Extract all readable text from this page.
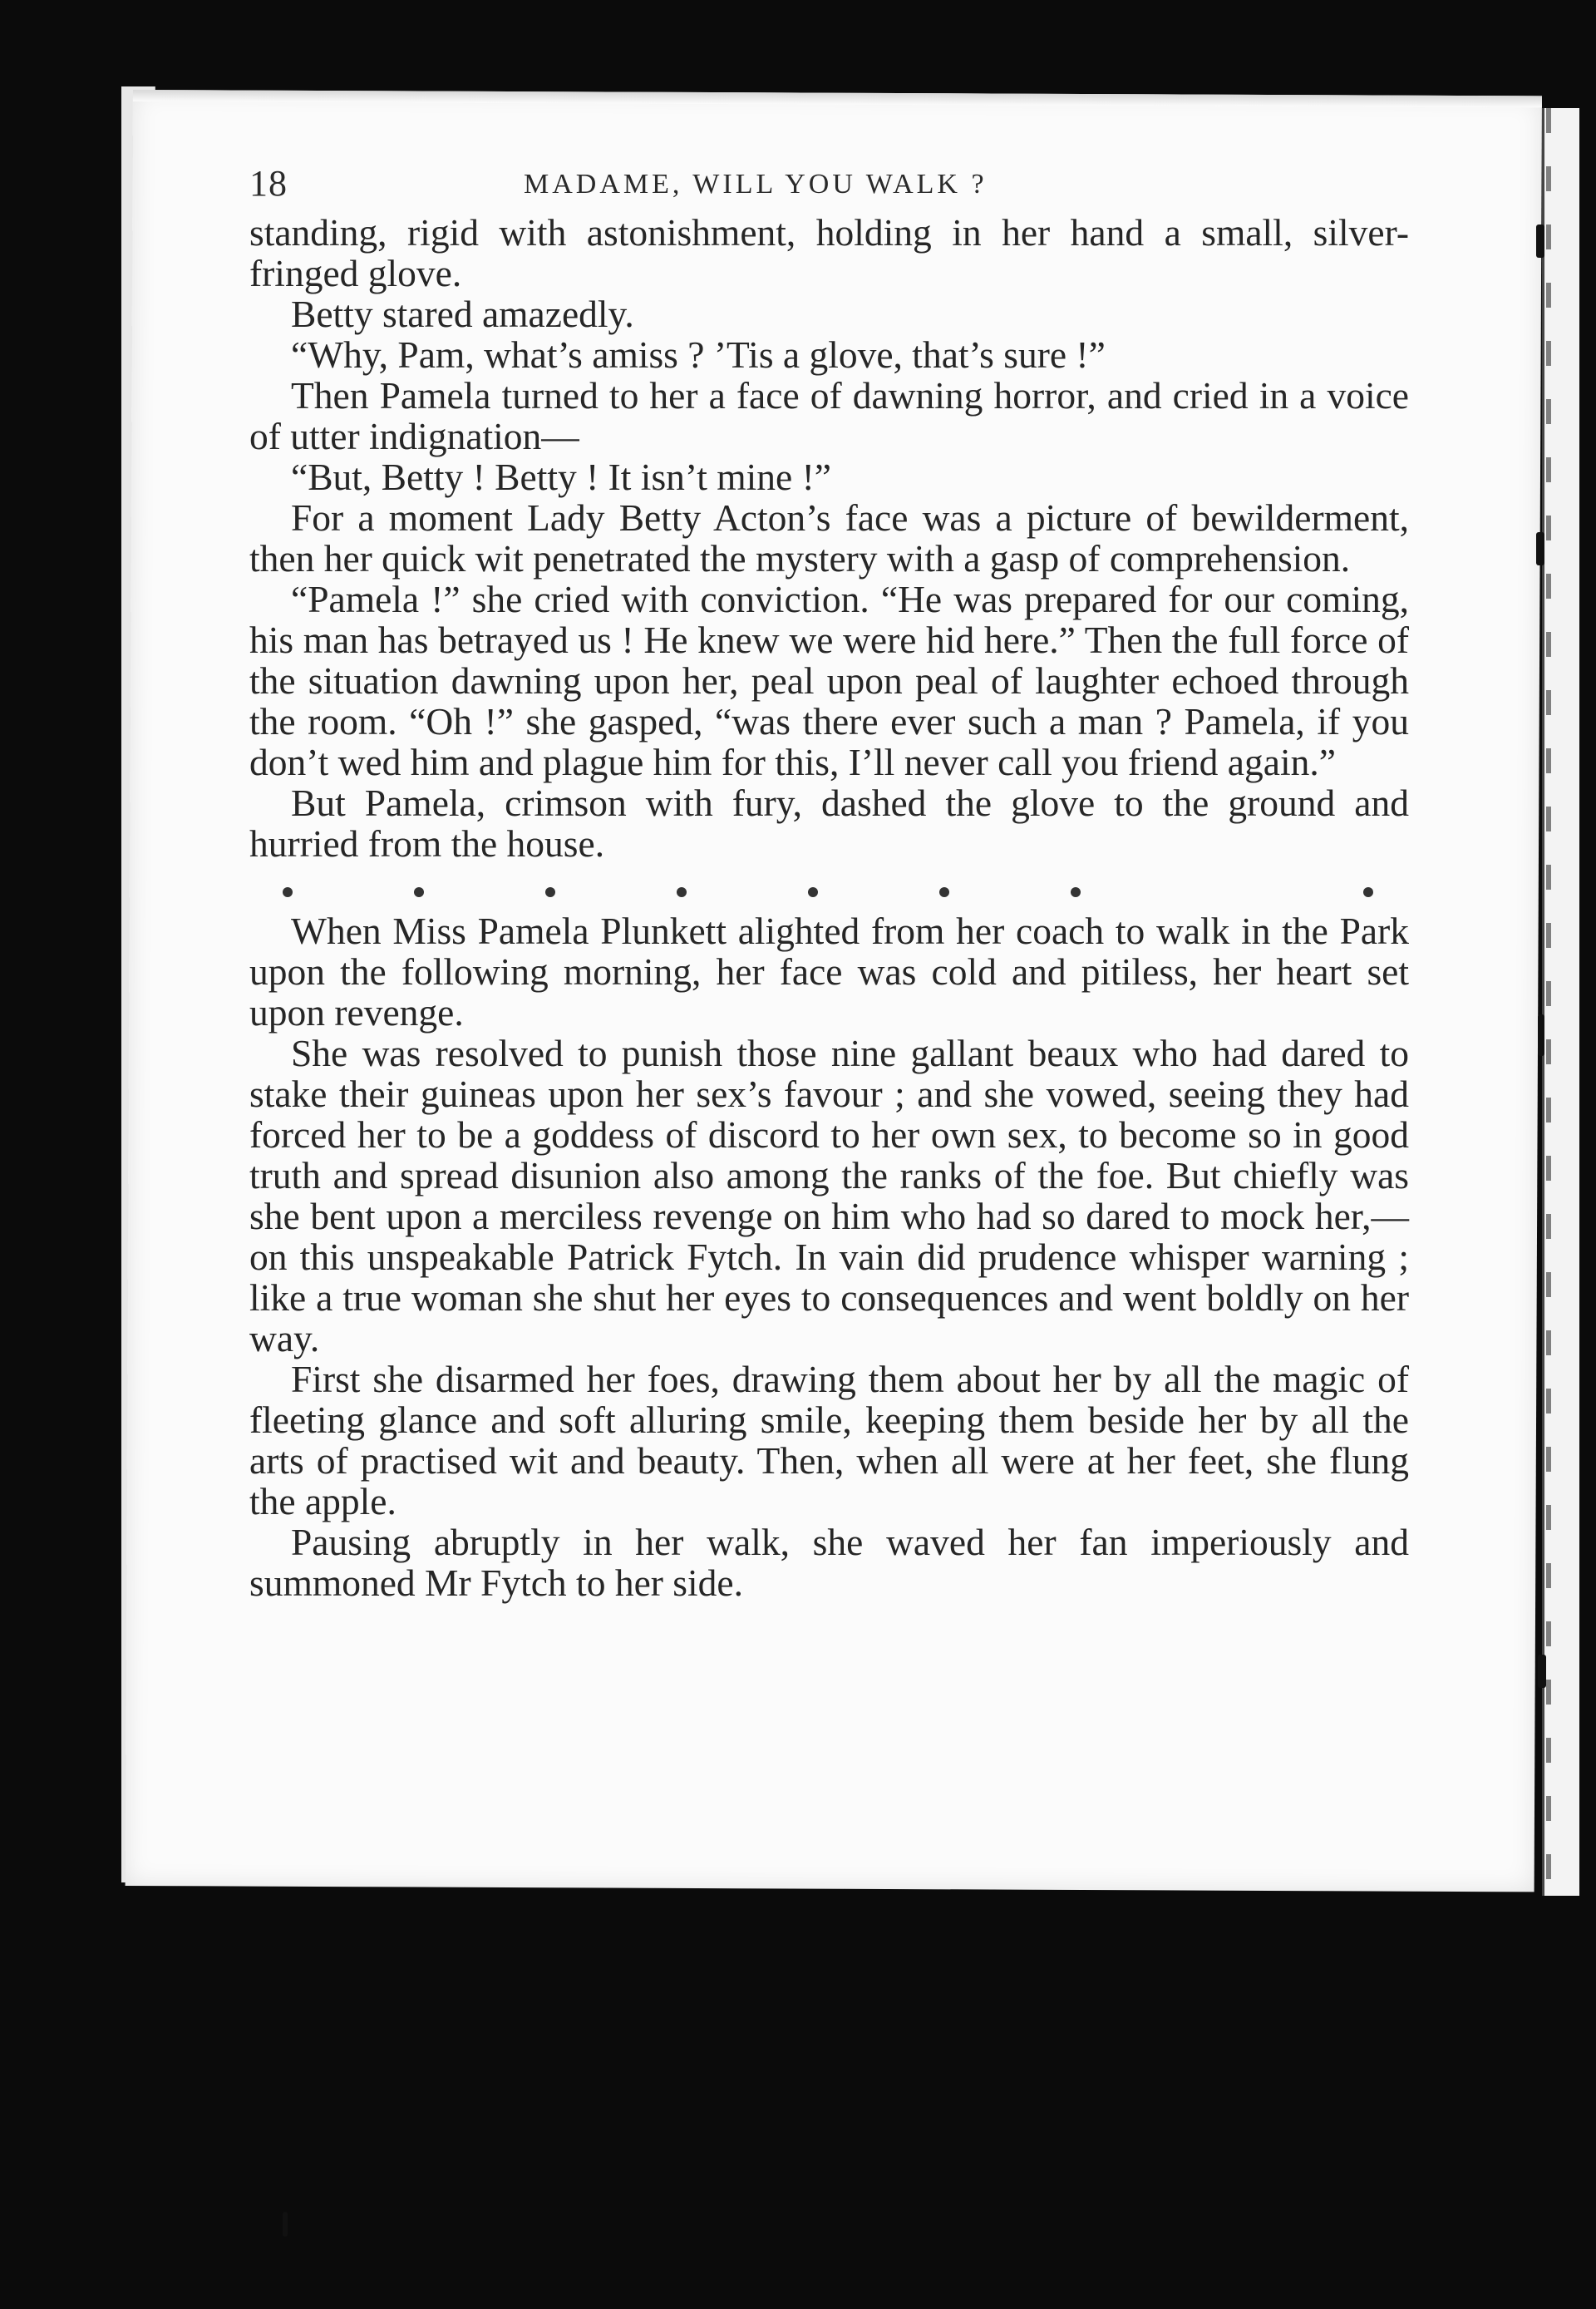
18	MADAME, WILL YOU WALK ?

standing, rigid with astonishment, holding in her hand a small, silver-fringed glove.

Betty stared amazedly.

“Why, Pam, what’s amiss ? ’Tis a glove, that’s sure !”

Then Pamela turned to her a face of dawning horror, and cried in a voice of utter indignation—

“But, Betty ! Betty ! It isn’t mine !”

For a moment Lady Betty Acton’s face was a picture of bewilderment, then her quick wit penetrated the mystery with a gasp of comprehension.

“Pamela !” she cried with conviction. “He was prepared for our coming, his man has betrayed us ! He knew we were hid here.” Then the full force of the situation dawning upon her, peal upon peal of laughter echoed through the room. “Oh !” she gasped, “was there ever such a man ? Pamela, if you don’t wed him and plague him for this, I’ll never call you friend again.”

But Pamela, crimson with fury, dashed the glove to the ground and hurried from the house.

When Miss Pamela Plunkett alighted from her coach to walk in the Park upon the following morning, her face was cold and pitiless, her heart set upon revenge.

She was resolved to punish those nine gallant beaux who had dared to stake their guineas upon her sex’s favour ; and she vowed, seeing they had forced her to be a goddess of discord to her own sex, to become so in good truth and spread disunion also among the ranks of the foe. But chiefly was she bent upon a merciless revenge on him who had so dared to mock her,—on this unspeakable Patrick Fytch. In vain did prudence whisper warning ; like a true woman she shut her eyes to consequences and went boldly on her way.

First she disarmed her foes, drawing them about her by all the magic of fleeting glance and soft alluring smile, keeping them beside her by all the arts of practised wit and beauty. Then, when all were at her feet, she flung the apple.

Pausing abruptly in her walk, she waved her fan imperiously and summoned Mr Fytch to her side.
